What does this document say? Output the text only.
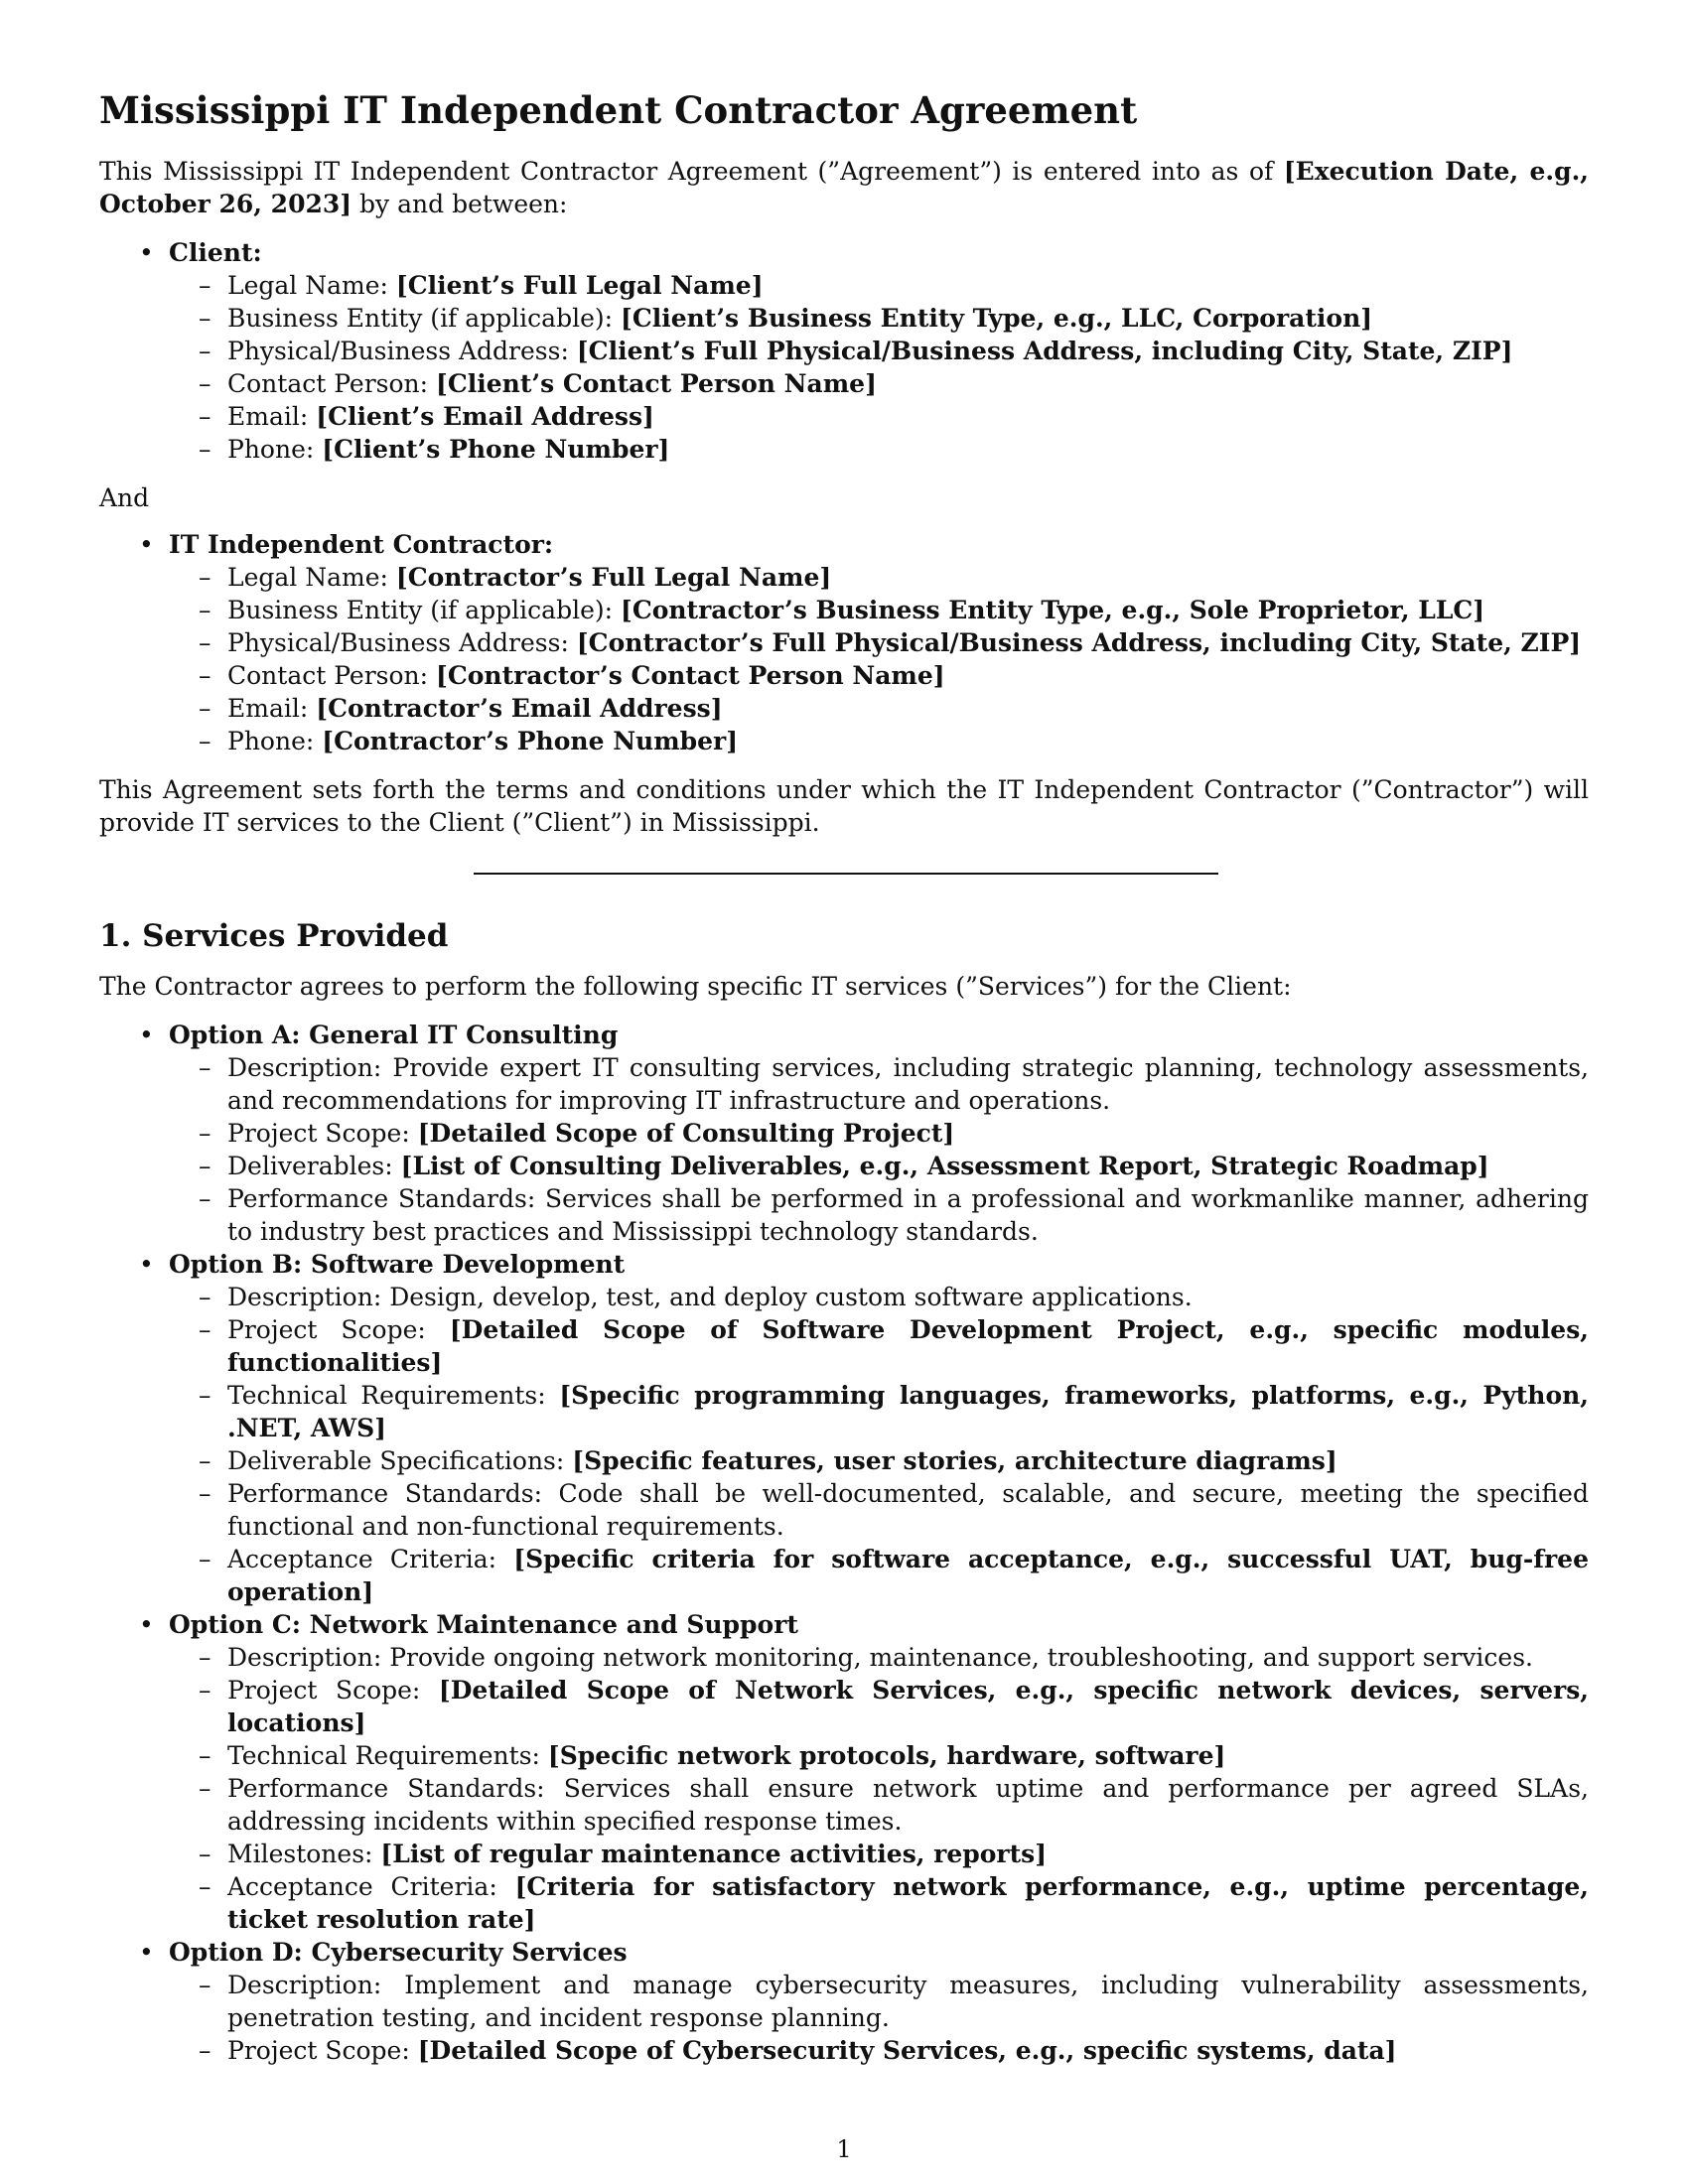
Mississippi IT Independent Contractor Agreement

This Mississippi IT Independent Contractor Agreement (”Agreement”) is entered into as of [Execution Date, e.g., October 26, 2023] by and between:

• Client:
– Legal Name: [Client’s Full Legal Name]
– Business Entity (if applicable): [Client’s Business Entity Type, e.g., LLC, Corporation]
– Physical/Business Address: [Client’s Full Physical/Business Address, including City, State, ZIP]
– Contact Person: [Client’s Contact Person Name]
– Email: [Client’s Email Address]
– Phone: [Client’s Phone Number]

And

• IT Independent Contractor:
– Legal Name: [Contractor’s Full Legal Name]
– Business Entity (if applicable): [Contractor’s Business Entity Type, e.g., Sole Proprietor, LLC]
– Physical/Business Address: [Contractor’s Full Physical/Business Address, including City, State, ZIP]
– Contact Person: [Contractor’s Contact Person Name]
– Email: [Contractor’s Email Address]
– Phone: [Contractor’s Phone Number]

This Agreement sets forth the terms and conditions under which the IT Independent Contractor (”Contractor”) will provide IT services to the Client (”Client”) in Mississippi.

1. Services Provided

The Contractor agrees to perform the following specific IT services (”Services”) for the Client:

• Option A: General IT Consulting
– Description: Provide expert IT consulting services, including strategic planning, technology assessments, and recommendations for improving IT infrastructure and operations.
– Project Scope: [Detailed Scope of Consulting Project]
– Deliverables: [List of Consulting Deliverables, e.g., Assessment Report, Strategic Roadmap]
– Performance Standards: Services shall be performed in a professional and workmanlike manner, adhering to industry best practices and Mississippi technology standards.
• Option B: Software Development
– Description: Design, develop, test, and deploy custom software applications.
– Project Scope: [Detailed Scope of Software Development Project, e.g., specific modules, functionalities]
– Technical Requirements: [Specific programming languages, frameworks, platforms, e.g., Python, .NET, AWS]
– Deliverable Specifications: [Specific features, user stories, architecture diagrams]
– Performance Standards: Code shall be well-documented, scalable, and secure, meeting the specified functional and non-functional requirements.
– Acceptance Criteria: [Specific criteria for software acceptance, e.g., successful UAT, bug-free operation]
• Option C: Network Maintenance and Support
– Description: Provide ongoing network monitoring, maintenance, troubleshooting, and support services.
– Project Scope: [Detailed Scope of Network Services, e.g., specific network devices, servers, locations]
– Technical Requirements: [Specific network protocols, hardware, software]
– Performance Standards: Services shall ensure network uptime and performance per agreed SLAs, addressing incidents within specified response times.
– Milestones: [List of regular maintenance activities, reports]
– Acceptance Criteria: [Criteria for satisfactory network performance, e.g., uptime percentage, ticket resolution rate]
• Option D: Cybersecurity Services
– Description: Implement and manage cybersecurity measures, including vulnerability assessments, penetration testing, and incident response planning.
– Project Scope: [Detailed Scope of Cybersecurity Services, e.g., specific systems, data]
1
